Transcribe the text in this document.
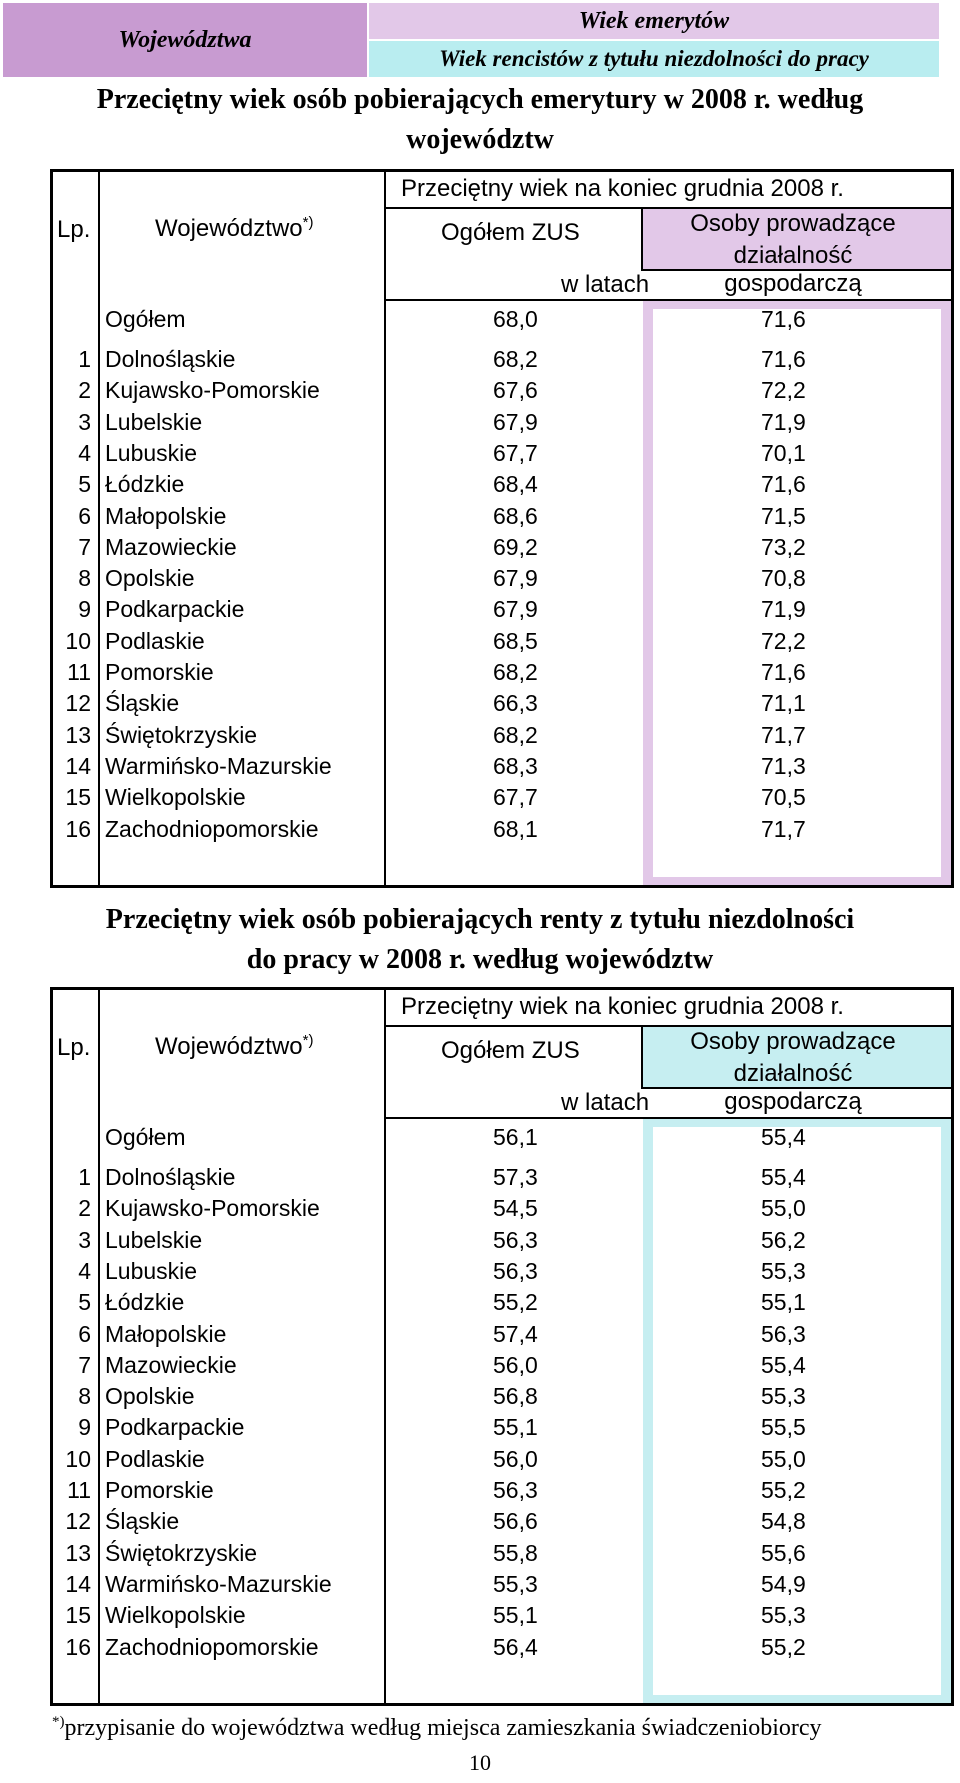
Województwa
Wiek emerytów
Wiek rencistów z tytułu niezdolności do pracy
Przeciętny wiek osób pobierających emerytury w 2008 r. według
województw
Lp.	Województwo*)
Przeciętny wiek na koniec grudnia 2008 r.
Ogółem ZUS	Osoby prowadzące
działalność gospodarczą
w latach
Ogółem	68,0	71,6
1 Dolnośląskie	68,2	71,6
2 Kujawsko-Pomorskie	67,6	72,2
3 Lubelskie	67,9	71,9
4 Lubuskie	67,7	70,1
5 Łódzkie	68,4	71,6
6 Małopolskie	68,6	71,5
7 Mazowieckie	69,2	73,2
8 Opolskie	67,9	70,8
9 Podkarpackie	67,9	71,9
10 Podlaskie	68,5	72,2
11 Pomorskie	68,2	71,6
12 Śląskie	66,3	71,1
13 Świętokrzyskie	68,2	71,7
14 Warmińsko-Mazurskie	68,3	71,3
15 Wielkopolskie	67,7	70,5
16 Zachodniopomorskie	68,1	71,7
Przeciętny wiek osób pobierających renty z tytułu niezdolności
do pracy w 2008 r. według województw
Lp.	Województwo*)
Przeciętny wiek na koniec grudnia 2008 r.
Ogółem ZUS	Osoby prowadzące
działalność gospodarczą
w latach
Ogółem	56,1	55,4
1 Dolnośląskie	57,3	55,4
2 Kujawsko-Pomorskie	54,5	55,0
3 Lubelskie	56,3	56,2
4 Lubuskie	56,3	55,3
5 Łódzkie	55,2	55,1
6 Małopolskie	57,4	56,3
7 Mazowieckie	56,0	55,4
8 Opolskie	56,8	55,3
9 Podkarpackie	55,1	55,5
10 Podlaskie	56,0	55,0
11 Pomorskie	56,3	55,2
12 Śląskie	56,6	54,8
13 Świętokrzyskie	55,8	55,6
14 Warmińsko-Mazurskie	55,3	54,9
15 Wielkopolskie	55,1	55,3
16 Zachodniopomorskie	56,4	55,2
*)przypisanie do województwa według miejsca zamieszkania świadczeniobiorcy
10
